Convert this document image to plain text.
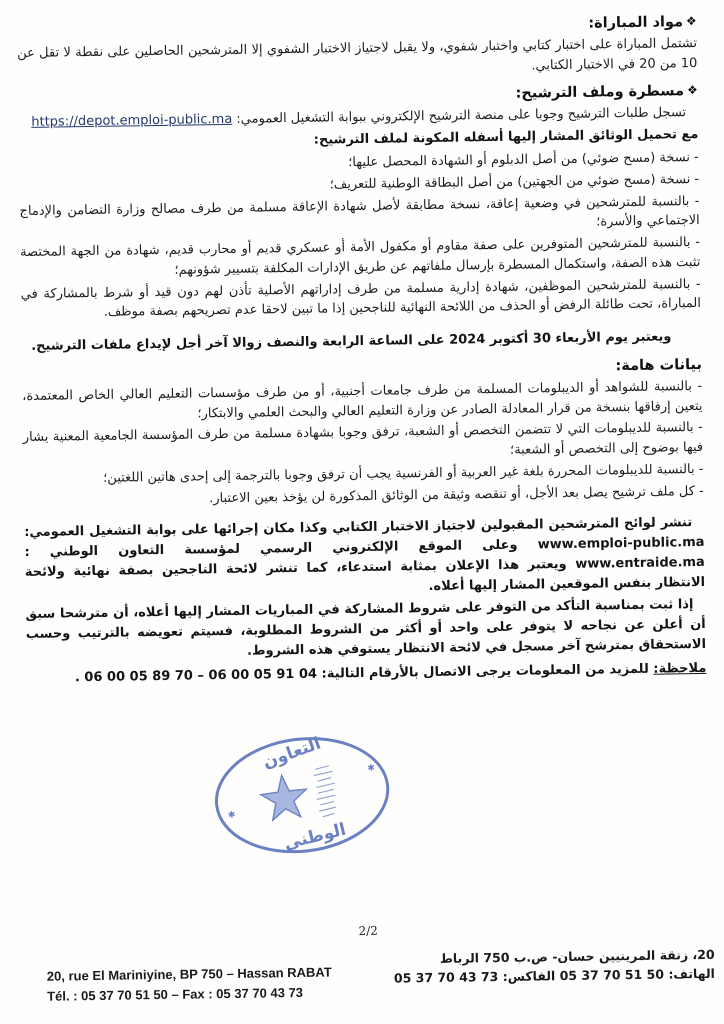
❖مواد المباراة:

تشتمل المباراة على اختبار كتابي واختبار شفوي، ولا يقبل لاجتياز الاختبار الشفوي إلا المترشحين الحاصلين على نقطة لا تقل عن 10 من 20 في الاختبار الكتابي.

❖مسطرة وملف الترشيح:

تسجل طلبات الترشيح وجوبا على منصة الترشيح الإلكتروني ببوابة التشغيل العمومي: https://depot.emploi-public.ma

مع تحميل الوثائق المشار إليها أسفله المكونة لملف الترشيح:

- نسخة (مسح ضوئي) من أصل الدبلوم أو الشهادة المحصل عليها؛

- نسخة (مسح ضوئي من الجهتين) من أصل البطاقة الوطنية للتعريف؛

- بالنسبة للمترشحين في وضعية إعاقة، نسخة مطابقة لأصل شهادة الإعاقة مسلمة من طرف مصالح وزارة التضامن والإدماج الاجتماعي والأسرة؛

- بالنسبة للمترشحين المتوفرين على صفة مقاوم أو مكفول الأمة أو عسكري قديم أو محارب قديم، شهادة من الجهة المختصة تثبت هذه الصفة، واستكمال المسطرة بإرسال ملفاتهم عن طريق الإدارات المكلفة بتسيير شؤونهم؛

- بالنسبة للمترشحين الموظفين، شهادة إدارية مسلمة من طرف إداراتهم الأصلية تأذن لهم دون قيد أو شرط بالمشاركة في المباراة، تحت طائلة الرفض أو الحذف من اللائحة النهائية للناجحين إذا ما تبين لاحقا عدم تصريحهم بصفة موظف.

ويعتبر يوم الأربعاء 30 أكتوبر 2024 على الساعة الرابعة والنصف زوالا آخر أجل لإيداع ملفات الترشيح.

بيانات هامة:

- بالنسبة للشواهد أو الديبلومات المسلمة من طرف جامعات أجنبية، أو من طرف مؤسسات التعليم العالي الخاص المعتمدة، يتعين إرفاقها بنسخة من قرار المعادلة الصادر عن وزارة التعليم العالي والبحث العلمي والابتكار؛

- بالنسبة للديبلومات التي لا تتضمن التخصص أو الشعبة، ترفق وجوبا بشهادة مسلمة من طرف المؤسسة الجامعية المعنية يشار فيها بوضوح إلى التخصص أو الشعبة؛

- بالنسبة للديبلومات المحررة بلغة غير العربية أو الفرنسية يجب أن ترفق وجوبا بالترجمة إلى إحدى هاتين اللغتين؛

- كل ملف ترشيح يصل بعد الأجل، أو تنقصه وثيقة من الوثائق المذكورة لن يؤخذ بعين الاعتبار.

تنشر لوائح المترشحين المقبولين لاجتياز الاختبار الكتابي وكذا مكان إجرائها على بوابة التشغيل العمومي: www.emploi-public.ma وعلى الموقع الإلكتروني الرسمي لمؤسسة التعاون الوطني : www.entraide.ma ويعتبر هذا الإعلان بمثابة استدعاء، كما تنشر لائحة الناجحين بصفة نهائية ولائحة الانتظار بنفس الموقعين المشار إليها أعلاه.

إذا ثبت بمناسبة التأكد من التوفر على شروط المشاركة في المباريات المشار إليها أعلاه، أن مترشحا سبق أن أعلن عن نجاحه لا يتوفر على واحد أو أكثر من الشروط المطلوبة، فسيتم تعويضه بالترتيب وحسب الاستحقاق بمترشح آخر مسجل في لائحة الانتظار يستوفي هذه الشروط.

ملاحظة: للمزيد من المعلومات يرجى الاتصال بالأرقام التالية: 06 00 05 91 04 – 06 00 05 89 70 .

التعاون
الوطني
✱
✱
2/2
20، زنقة المرينيين حسان- ص.ب 750 الرباط
الهاتف: 05 37 70 51 50 الفاكس: 05 37 70 43 73
20, rue El Mariniyine, BP 750 – Hassan RABAT
Tél. : 05 37 70 51 50 – Fax : 05 37 70 43 73
